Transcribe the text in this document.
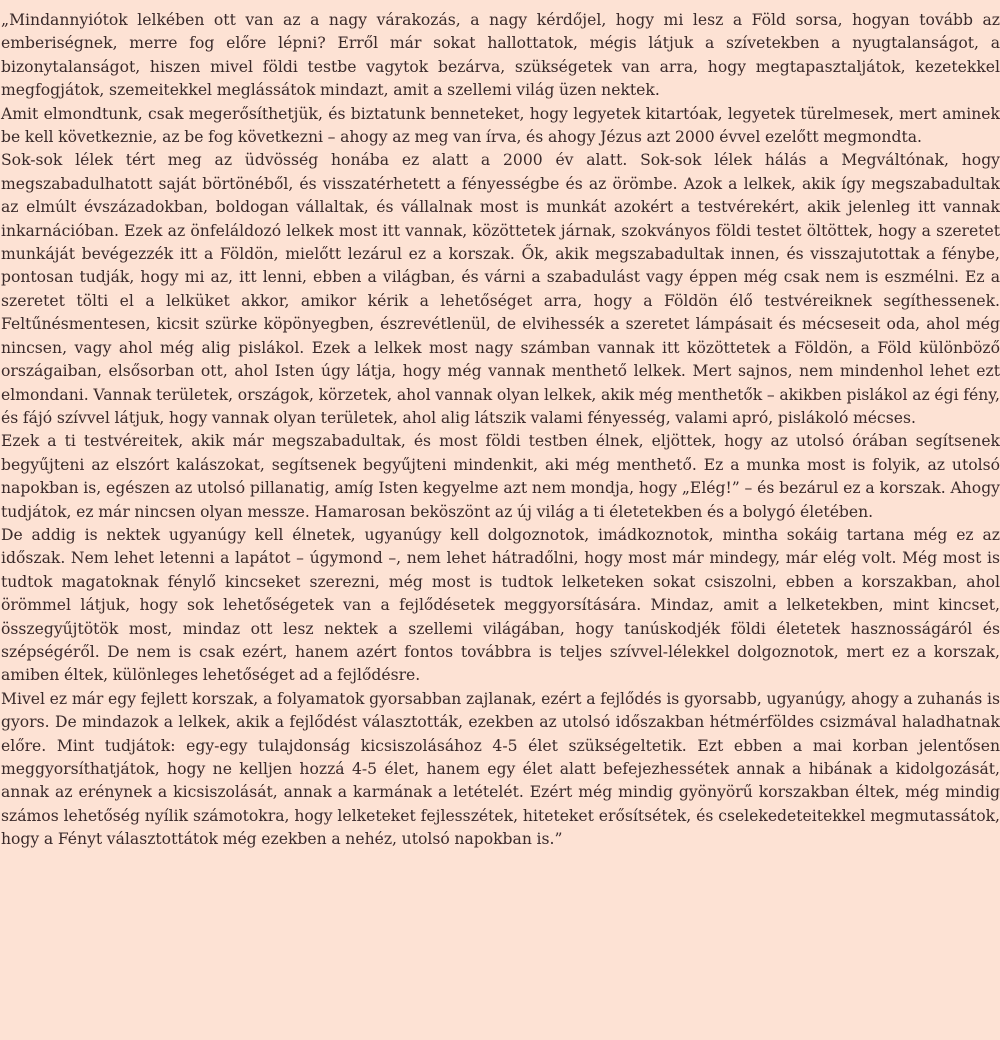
„Mindannyiótok lelkében ott van az a nagy várakozás, a nagy kérdőjel, hogy mi lesz a Föld sorsa, hogyan tovább az emberiségnek, merre fog előre lépni? Erről már sokat hallottatok, mégis látjuk a szívetekben a nyugtalanságot, a bizonytalanságot, hiszen mivel földi testbe vagytok bezárva, szükségetek van arra, hogy megtapasztaljátok, kezetekkel megfogjátok, szemeitekkel meglássátok mindazt, amit a szellemi világ üzen nektek.

Amit elmondtunk, csak megerősíthetjük, és biztatunk benneteket, hogy legyetek kitartóak, legyetek türelmesek, mert aminek be kell következnie, az be fog következni – ahogy az meg van írva, és ahogy Jézus azt 2000 évvel ezelőtt megmondta.

Sok-sok lélek tért meg az üdvösség honába ez alatt a 2000 év alatt. Sok-sok lélek hálás a Megváltónak, hogy megszabadulhatott saját börtönéből, és visszatérhetett a fényességbe és az örömbe. Azok a lelkek, akik így megszabadultak az elmúlt évszázadokban, boldogan vállaltak, és vállalnak most is munkát azokért a testvérekért, akik jelenleg itt vannak inkarnációban. Ezek az önfeláldozó lelkek most itt vannak, közöttetek járnak, szokványos földi testet öltöttek, hogy a szeretet munkáját bevégezzék itt a Földön, mielőtt lezárul ez a korszak. Ők, akik megszabadultak innen, és visszajutottak a fénybe, pontosan tudják, hogy mi az, itt lenni, ebben a világban, és várni a szabadulást vagy éppen még csak nem is eszmélni. Ez a szeretet tölti el a lelküket akkor, amikor kérik a lehetőséget arra, hogy a Földön élő testvéreiknek segíthessenek. Feltűnésmentesen, kicsit szürke köpönyegben, észrevétlenül, de elvihessék a szeretet lámpásait és mécseseit oda, ahol még nincsen, vagy ahol még alig pislákol. Ezek a lelkek most nagy számban vannak itt közöttetek a Földön, a Föld különböző országaiban, elsősorban ott, ahol Isten úgy látja, hogy még vannak menthető lelkek. Mert sajnos, nem mindenhol lehet ezt elmondani. Vannak területek, országok, körzetek, ahol vannak olyan lelkek, akik még menthetők – akikben pislákol az égi fény, és fájó szívvel látjuk, hogy vannak olyan területek, ahol alig látszik valami fényesség, valami apró, pislákoló mécses.

Ezek a ti testvéreitek, akik már megszabadultak, és most földi testben élnek, eljöttek, hogy az utolsó órában segítsenek begyűjteni az elszórt kalászokat, segítsenek begyűjteni mindenkit, aki még menthető. Ez a munka most is folyik, az utolsó napokban is, egészen az utolsó pillanatig, amíg Isten kegyelme azt nem mondja, hogy „Elég!” – és bezárul ez a korszak. Ahogy tudjátok, ez már nincsen olyan messze. Hamarosan beköszönt az új világ a ti életetekben és a bolygó életében.

De addig is nektek ugyanúgy kell élnetek, ugyanúgy kell dolgoznotok, imádkoznotok, mintha sokáig tartana még ez az időszak. Nem lehet letenni a lapátot – úgymond –, nem lehet hátradőlni, hogy most már mindegy, már elég volt. Még most is tudtok magatoknak fénylő kincseket szerezni, még most is tudtok lelketeken sokat csiszolni, ebben a korszakban, ahol örömmel látjuk, hogy sok lehetőségetek van a fejlődésetek meggyorsítására. Mindaz, amit a lelketekben, mint kincset, összegyűjtötök most, mindaz ott lesz nektek a szellemi világában, hogy tanúskodjék földi életetek hasznosságáról és szépségéről. De nem is csak ezért, hanem azért fontos továbbra is teljes szívvel-lélekkel dolgoznotok, mert ez a korszak, amiben éltek, különleges lehetőséget ad a fejlődésre.

Mivel ez már egy fejlett korszak, a folyamatok gyorsabban zajlanak, ezért a fejlődés is gyorsabb, ugyanúgy, ahogy a zuhanás is gyors. De mindazok a lelkek, akik a fejlődést választották, ezekben az utolsó időszakban hétmérföldes csizmával haladhatnak előre. Mint tudjátok: egy-egy tulajdonság kicsiszolásához 4-5 élet szükségeltetik. Ezt ebben a mai korban jelentősen meggyorsíthatjátok, hogy ne kelljen hozzá 4-5 élet, hanem egy élet alatt befejezhessétek annak a hibának a kidolgozását, annak az erénynek a kicsiszolását, annak a karmának a letételét. Ezért még mindig gyönyörű korszakban éltek, még mindig számos lehetőség nyílik számotokra, hogy lelketeket fejlesszétek, hiteteket erősítsétek, és cselekedeteitekkel megmutassátok, hogy a Fényt választottátok még ezekben a nehéz, utolsó napokban is.”
